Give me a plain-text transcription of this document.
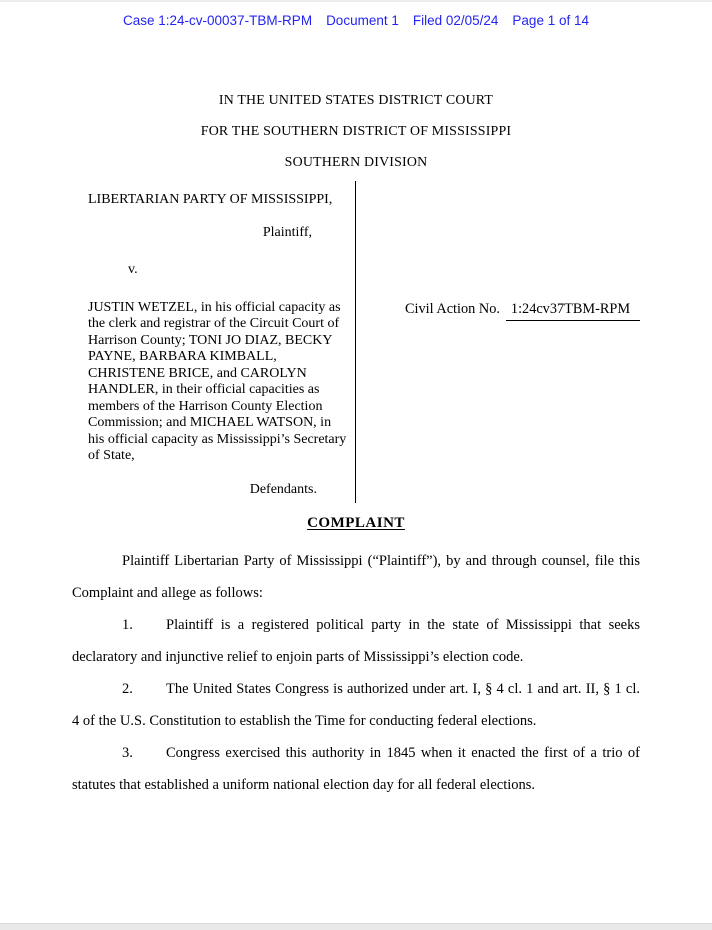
Case 1:24-cv-00037-TBM-RPM Document 1 Filed 02/05/24 Page 1 of 14
IN THE UNITED STATES DISTRICT COURT
FOR THE SOUTHERN DISTRICT OF MISSISSIPPI
SOUTHERN DIVISION
LIBERTARIAN PARTY OF MISSISSIPPI,
Plaintiff,
v.
JUSTIN WETZEL, in his official capacity as the clerk and registrar of the Circuit Court of Harrison County; TONI JO DIAZ, BECKY PAYNE, BARBARA KIMBALL, CHRISTENE BRICE, and CAROLYN HANDLER, in their official capacities as members of the Harrison County Election Commission; and MICHAEL WATSON, in his official capacity as Mississippi’s Secretary of State,
Defendants.
Civil Action No. 1:24cv37TBM-RPM
COMPLAINT

Plaintiff Libertarian Party of Mississippi (“Plaintiff”), by and through counsel, file this Complaint and allege as follows:

1. Plaintiff is a registered political party in the state of Mississippi that seeks declaratory and injunctive relief to enjoin parts of Mississippi’s election code.

2. The United States Congress is authorized under art. I, § 4 cl. 1 and art. II, § 1 cl. 4 of the U.S. Constitution to establish the Time for conducting federal elections.

3. Congress exercised this authority in 1845 when it enacted the first of a trio of statutes that established a uniform national election day for all federal elections.
